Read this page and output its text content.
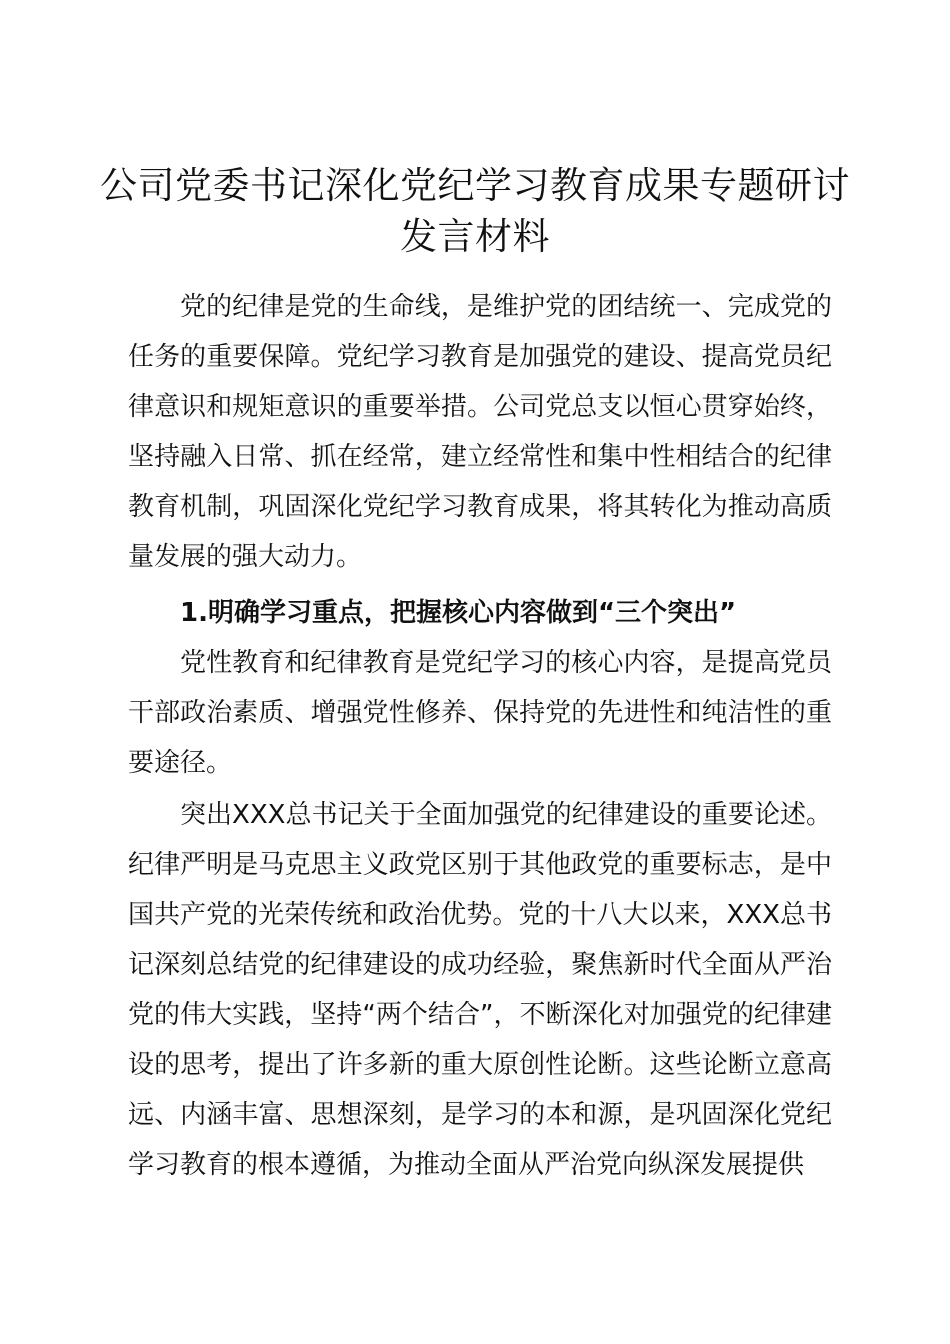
公司党委书记深化党纪学习教育成果专题研讨发言材料

党的纪律是党的生命线，是维护党的团结统一、完成党的任务的重要保障。党纪学习教育是加强党的建设、提高党员纪律意识和规矩意识的重要举措。公司党总支以恒心贯穿始终，坚持融入日常、抓在经常，建立经常性和集中性相结合的纪律教育机制，巩固深化党纪学习教育成果，将其转化为推动高质量发展的强大动力。

1.明确学习重点，把握核心内容做到“三个突出”

党性教育和纪律教育是党纪学习的核心内容，是提高党员干部政治素质、增强党性修养、保持党的先进性和纯洁性的重要途径。

突出XXX总书记关于全面加强党的纪律建设的重要论述。纪律严明是马克思主义政党区别于其他政党的重要标志，是中国共产党的光荣传统和政治优势。党的十八大以来，XXX总书记深刻总结党的纪律建设的成功经验，聚焦新时代全面从严治党的伟大实践，坚持“两个结合”，不断深化对加强党的纪律建设的思考，提出了许多新的重大原创性论断。这些论断立意高远、内涵丰富、思想深刻，是学习的本和源，是巩固深化党纪学习教育的根本遵循，为推动全面从严治党向纵深发展提供
